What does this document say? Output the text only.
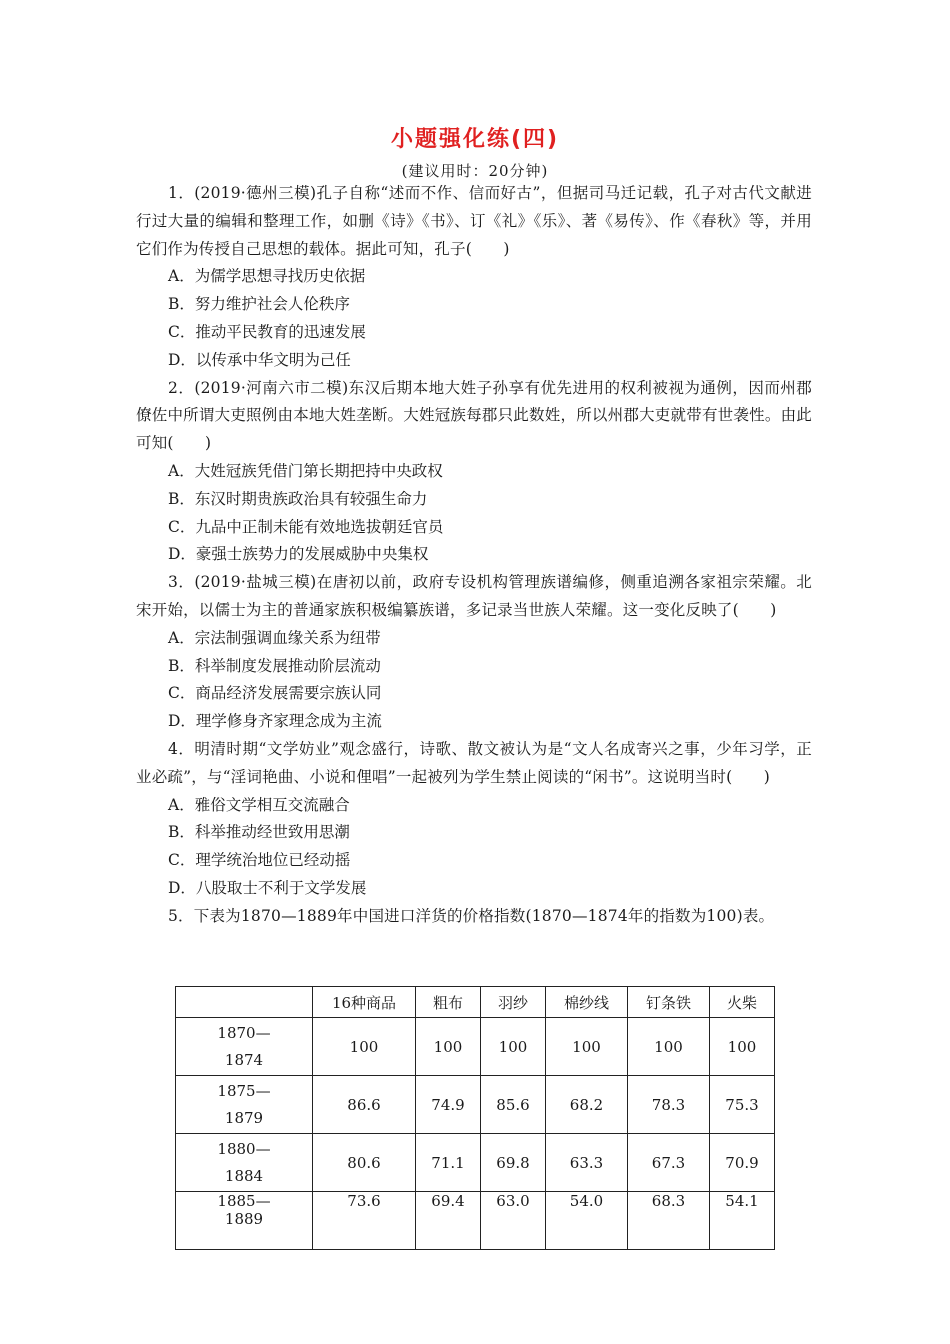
小题强化练(四)
(建议用时：20分钟)

1．(2019·德州三模)孔子自称“述而不作、信而好古”，但据司马迁记载，孔子对古代文献进行过大量的编辑和整理工作，如删《诗》《书》、订《礼》《乐》、著《易传》、作《春秋》等，并用它们作为传授自己思想的载体。据此可知，孔子(　　)

A．为儒学思想寻找历史依据

B．努力维护社会人伦秩序

C．推动平民教育的迅速发展

D．以传承中华文明为己任

2．(2019·河南六市二模)东汉后期本地大姓子孙享有优先进用的权利被视为通例，因而州郡僚佐中所谓大吏照例由本地大姓垄断。大姓冠族每郡只此数姓，所以州郡大吏就带有世袭性。由此可知(　　)

A．大姓冠族凭借门第长期把持中央政权

B．东汉时期贵族政治具有较强生命力

C．九品中正制未能有效地选拔朝廷官员

D．豪强士族势力的发展威胁中央集权

3．(2019·盐城三模)在唐初以前，政府专设机构管理族谱编修，侧重追溯各家祖宗荣耀。北宋开始，以儒士为主的普通家族积极编纂族谱，多记录当世族人荣耀。这一变化反映了(　　)

A．宗法制强调血缘关系为纽带

B．科举制度发展推动阶层流动

C．商品经济发展需要宗族认同

D．理学修身齐家理念成为主流

4．明清时期“文学妨业”观念盛行，诗歌、散文被认为是“文人名成寄兴之事，少年习学，正业必疏”，与“淫词艳曲、小说和俚唱”一起被列为学生禁止阅读的“闲书”。这说明当时(　　)

A．雅俗文学相互交流融合

B．科举推动经世致用思潮

C．理学统治地位已经动摇

D．八股取士不利于文学发展

5．下表为1870—1889年中国进口洋货的价格指数(1870—1874年的指数为100)表。

	16种商品	粗布	羽纱	棉纱线	钉条铁	火柴
1870—
1874	100	100	100	100	100	100
1875—
1879	86.6	74.9	85.6	68.2	78.3	75.3
1880—
1884	80.6	71.1	69.8	63.3	67.3	70.9
1885—
1889	73.6	69.4	63.0	54.0	68.3	54.1
